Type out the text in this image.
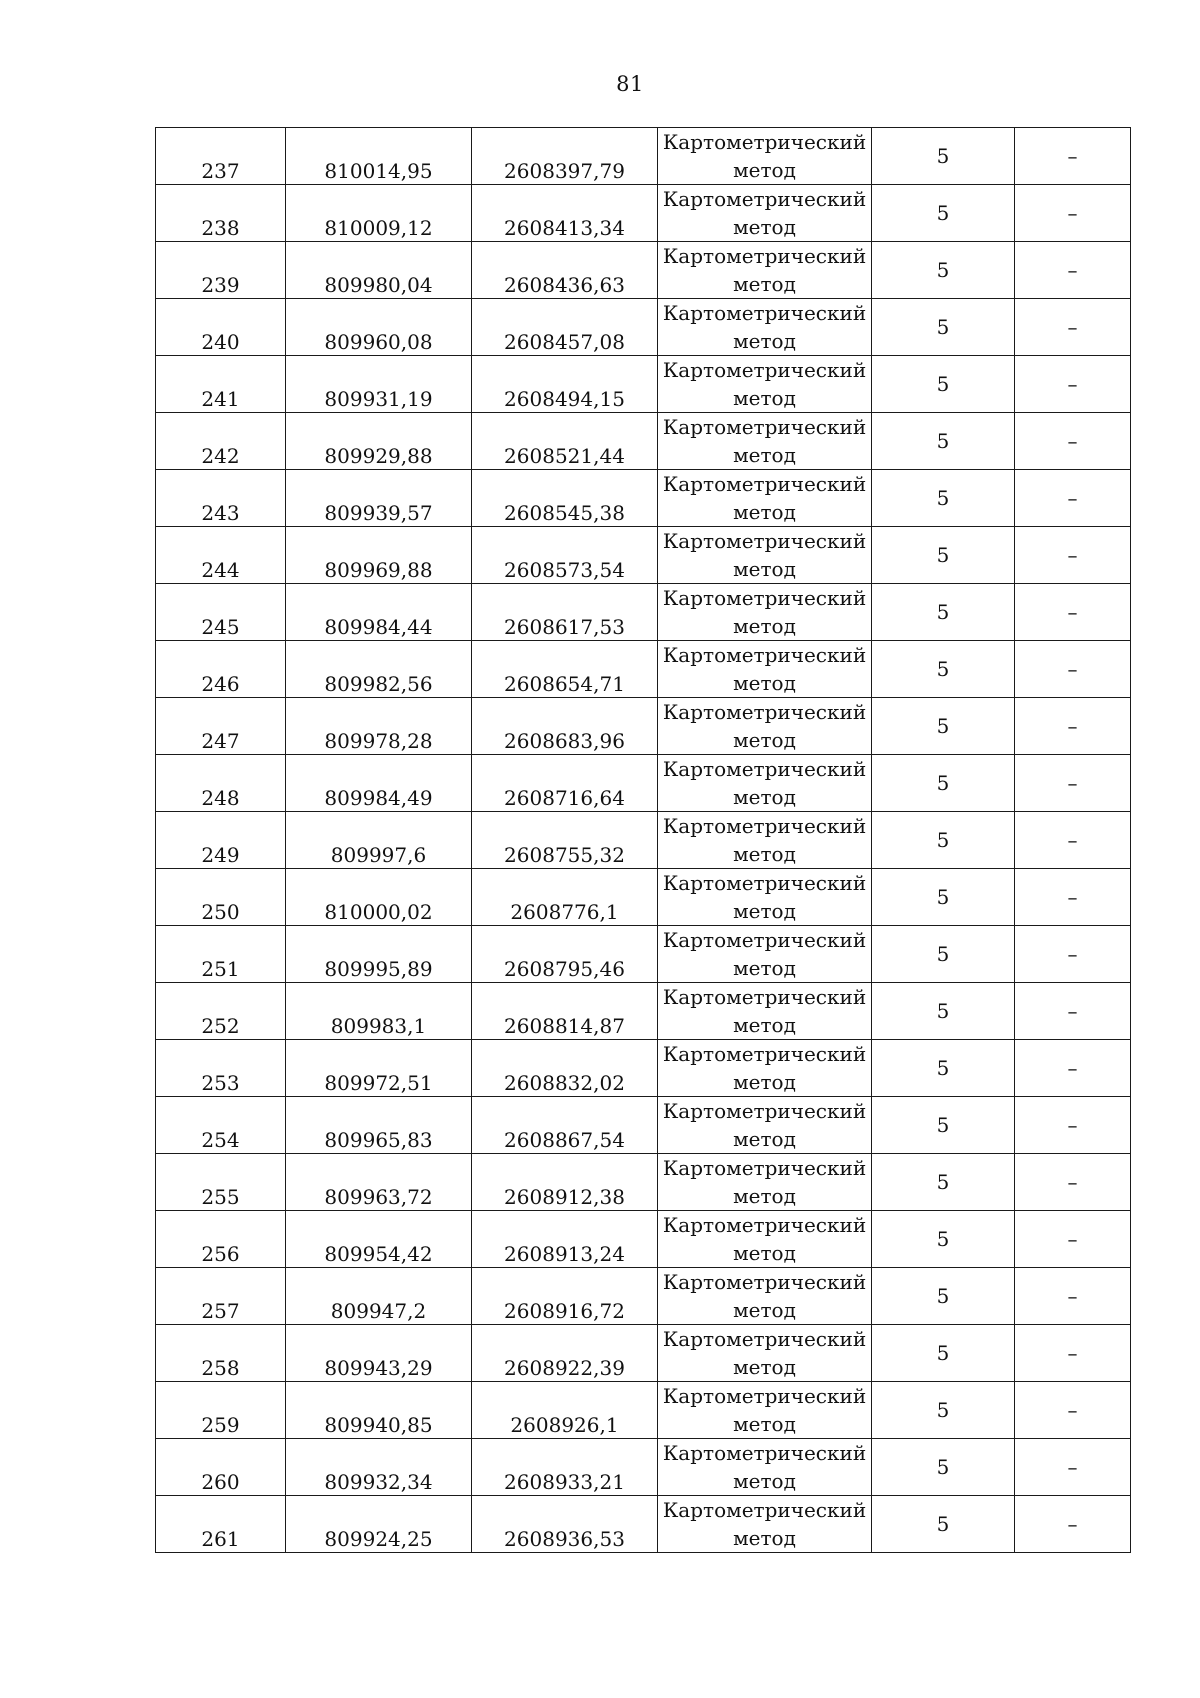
81
237	810014,95	2608397,79	Картометрический
метод	5	–

238	810009,12	2608413,34	Картометрический
метод	5	–

239	809980,04	2608436,63	Картометрический
метод	5	–

240	809960,08	2608457,08	Картометрический
метод	5	–

241	809931,19	2608494,15	Картометрический
метод	5	–

242	809929,88	2608521,44	Картометрический
метод	5	–

243	809939,57	2608545,38	Картометрический
метод	5	–

244	809969,88	2608573,54	Картометрический
метод	5	–

245	809984,44	2608617,53	Картометрический
метод	5	–

246	809982,56	2608654,71	Картометрический
метод	5	–

247	809978,28	2608683,96	Картометрический
метод	5	–

248	809984,49	2608716,64	Картометрический
метод	5	–

249	809997,6	2608755,32	Картометрический
метод	5	–

250	810000,02	2608776,1	Картометрический
метод	5	–

251	809995,89	2608795,46	Картометрический
метод	5	–

252	809983,1	2608814,87	Картометрический
метод	5	–

253	809972,51	2608832,02	Картометрический
метод	5	–

254	809965,83	2608867,54	Картометрический
метод	5	–

255	809963,72	2608912,38	Картометрический
метод	5	–

256	809954,42	2608913,24	Картометрический
метод	5	–

257	809947,2	2608916,72	Картометрический
метод	5	–

258	809943,29	2608922,39	Картометрический
метод	5	–

259	809940,85	2608926,1	Картометрический
метод	5	–

260	809932,34	2608933,21	Картометрический
метод	5	–

261	809924,25	2608936,53	Картометрический
метод	5	–
